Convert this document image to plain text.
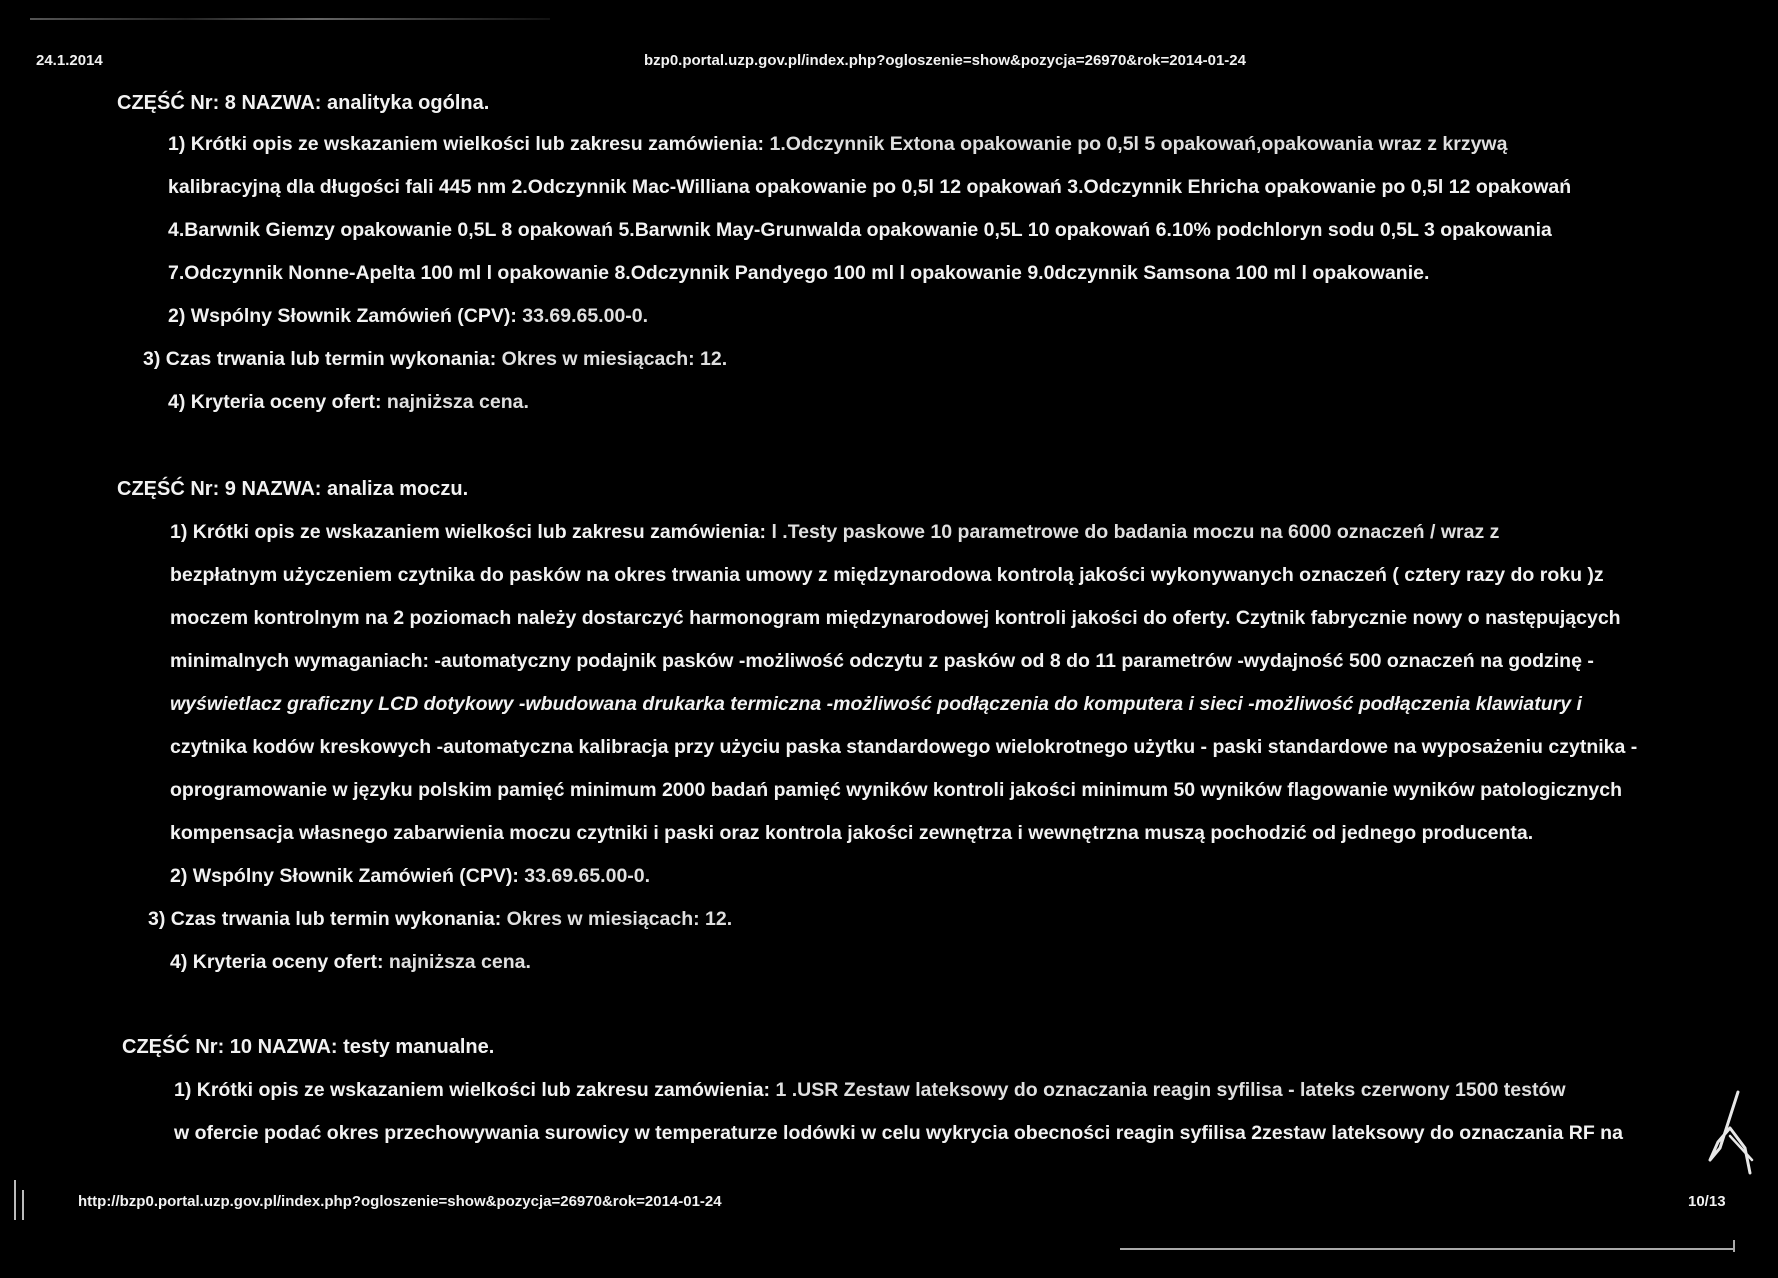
24.1.2014	bzp0.portal.uzp.gov.pl/index.php?ogloszenie=show&pozycja=26970&rok=2014-01-24
CZĘŚĆ Nr: 8 NAZWA: analityka ogólna.
1) Krótki opis ze wskazaniem wielkości lub zakresu zamówienia: 1.Odczynnik Extona opakowanie po 0,5l 5 opakowań,opakowania wraz z krzywą
kalibracyjną dla długości fali 445 nm 2.Odczynnik Mac-Williana opakowanie po 0,5l 12 opakowań 3.Odczynnik Ehricha opakowanie po 0,5l 12 opakowań
4.Barwnik Giemzy opakowanie 0,5L 8 opakowań 5.Barwnik May-Grunwalda opakowanie 0,5L 10 opakowań 6.10% podchloryn sodu 0,5L 3 opakowania
7.Odczynnik Nonne-Apelta 100 ml l opakowanie 8.Odczynnik Pandyego 100 ml l opakowanie 9.0dczynnik Samsona 100 ml l opakowanie.
2) Wspólny Słownik Zamówień (CPV): 33.69.65.00-0.
3) Czas trwania lub termin wykonania: Okres w miesiącach: 12.
4) Kryteria oceny ofert: najniższa cena.
CZĘŚĆ Nr: 9 NAZWA: analiza moczu.
1) Krótki opis ze wskazaniem wielkości lub zakresu zamówienia: l .Testy paskowe 10 parametrowe do badania moczu na 6000 oznaczeń / wraz z
bezpłatnym użyczeniem czytnika do pasków na okres trwania umowy z międzynarodowa kontrolą jakości wykonywanych oznaczeń ( cztery razy do roku )z
moczem kontrolnym na 2 poziomach należy dostarczyć harmonogram międzynarodowej kontroli jakości do oferty. Czytnik fabrycznie nowy o następujących
minimalnych wymaganiach: -automatyczny podajnik pasków -możliwość odczytu z pasków od 8 do 11 parametrów -wydajność 500 oznaczeń na godzinę -
wyświetlacz graficzny LCD dotykowy -wbudowana drukarka termiczna -możliwość podłączenia do komputera i sieci -możliwość podłączenia klawiatury i
czytnika kodów kreskowych -automatyczna kalibracja przy użyciu paska standardowego wielokrotnego użytku - paski standardowe na wyposażeniu czytnika -
oprogramowanie w języku polskim pamięć minimum 2000 badań pamięć wyników kontroli jakości minimum 50 wyników flagowanie wyników patologicznych
kompensacja własnego zabarwienia moczu czytniki i paski oraz kontrola jakości zewnętrza i wewnętrzna muszą pochodzić od jednego producenta.
2) Wspólny Słownik Zamówień (CPV): 33.69.65.00-0.
3) Czas trwania lub termin wykonania: Okres w miesiącach: 12.
4) Kryteria oceny ofert: najniższa cena.
CZĘŚĆ Nr: 10 NAZWA: testy manualne.
1) Krótki opis ze wskazaniem wielkości lub zakresu zamówienia: 1 .USR Zestaw lateksowy do oznaczania reagin syfilisa - lateks czerwony 1500 testów
w ofercie podać okres przechowywania surowicy w temperaturze lodówki w celu wykrycia obecności reagin syfilisa 2zestaw lateksowy do oznaczania RF na
http://bzp0.portal.uzp.gov.pl/index.php?ogloszenie=show&pozycja=26970&rok=2014-01-24	10/13
